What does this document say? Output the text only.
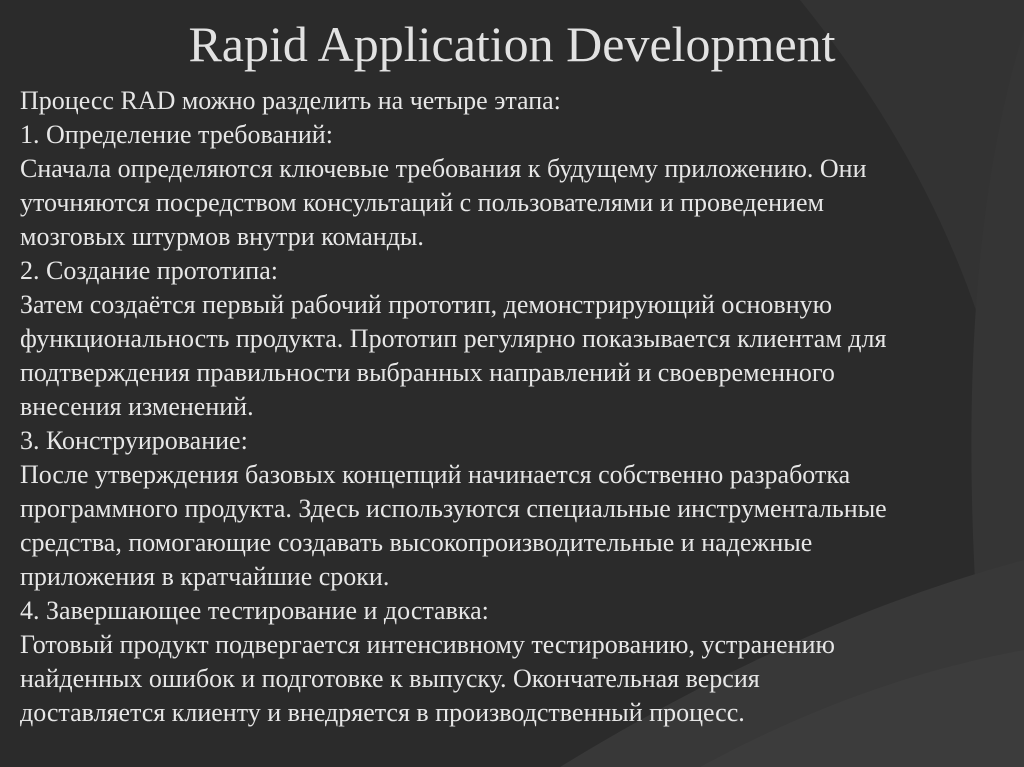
Rapid Application Development
Процесс RAD можно разделить на четыре этапа:
1. Определение требований:
Сначала определяются ключевые требования к будущему приложению. Они
уточняются посредством консультаций с пользователями и проведением
мозговых штурмов внутри команды.
2. Создание прототипа:
Затем создаётся первый рабочий прототип, демонстрирующий основную
функциональность продукта. Прототип регулярно показывается клиентам для
подтверждения правильности выбранных направлений и своевременного
внесения изменений.
3. Конструирование:
После утверждения базовых концепций начинается собственно разработка
программного продукта. Здесь используются специальные инструментальные
средства, помогающие создавать высокопроизводительные и надежные
приложения в кратчайшие сроки.
4. Завершающее тестирование и доставка:
Готовый продукт подвергается интенсивному тестированию, устранению
найденных ошибок и подготовке к выпуску. Окончательная версия
доставляется клиенту и внедряется в производственный процесс.
